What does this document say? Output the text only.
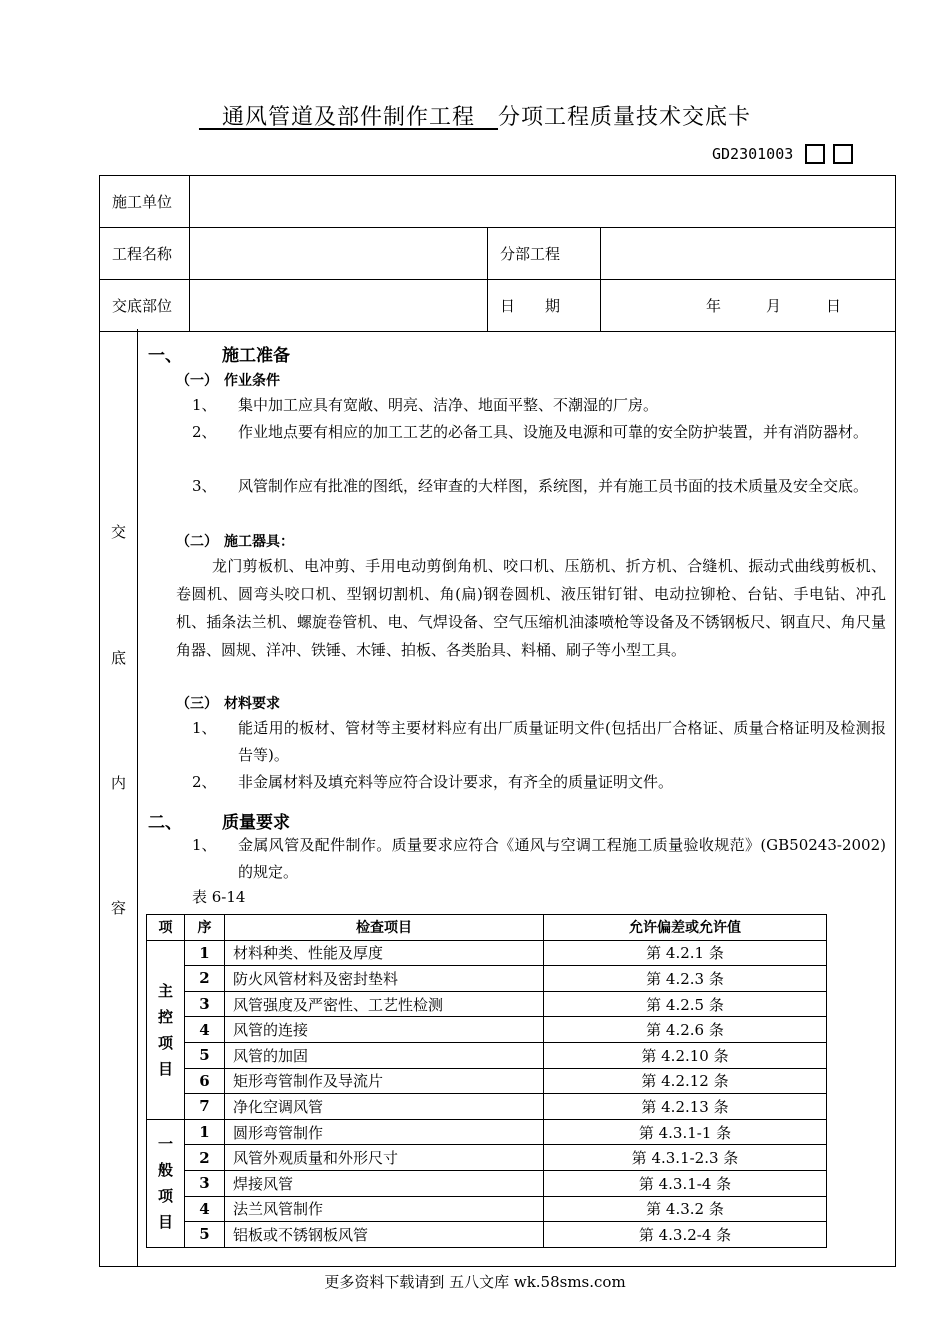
　通风管道及部件制作工程　 分项工程质量技术交底卡
GD2301003
施工单位			
工程名称		分部工程	
交底部位		日　　期	年　　　月　　　日
交
底
内
容
一、 施工准备
（一） 作业条件
1、	集中加工应具有宽敞、明亮、洁净、地面平整、不潮湿的厂房。
2、	作业地点要有相应的加工工艺的必备工具、设施及电源和可靠的安全防护装置，并有消防器材。
3、	风管制作应有批准的图纸，经审查的大样图，系统图，并有施工员书面的技术质量及安全交底。
（二） 施工器具：
龙门剪板机、电冲剪、手用电动剪倒角机、咬口机、压筋机、折方机、合缝机、振动式曲线剪板机、卷圆机、圆弯头咬口机、型钢切割机、角(扁)钢卷圆机、液压钳钉钳、电动拉铆枪、台钻、手电钻、冲孔机、插条法兰机、螺旋卷管机、电、气焊设备、空气压缩机油漆喷枪等设备及不锈钢板尺、钢直尺、角尺量角器、圆规、洋冲、铁锤、木锤、拍板、各类胎具、料桶、刷子等小型工具。
（三） 材料要求
1、	能适用的板材、管材等主要材料应有出厂质量证明文件(包括出厂合格证、质量合格证明及检测报告等)。
2、	非金属材料及填充料等应符合设计要求，有齐全的质量证明文件。
二、 质量要求
1、	金属风管及配件制作。质量要求应符合《通风与空调工程施工质量验收规范》(GB50243-2002)的规定。
表 6-14
项	序	检查项目	允许偏差或允许值

主控项目	1	材料种类、性能及厚度	第 4.2.1 条
	2	防火风管材料及密封垫料	第 4.2.3 条
	3	风管强度及严密性、工艺性检测	第 4.2.5 条
	4	风管的连接	第 4.2.6 条
	5	风管的加固	第 4.2.10 条
	6	矩形弯管制作及导流片	第 4.2.12 条
	7	净化空调风管	第 4.2.13 条

一般项目	1	圆形弯管制作	第 4.3.1-1 条
	2	风管外观质量和外形尺寸	第 4.3.1-2.3 条
	3	焊接风管	第 4.3.1-4 条
	4	法兰风管制作	第 4.3.2 条
	5	铝板或不锈钢板风管	第 4.3.2-4 条
更多资料下载请到 五八文库 wk.58sms.com
